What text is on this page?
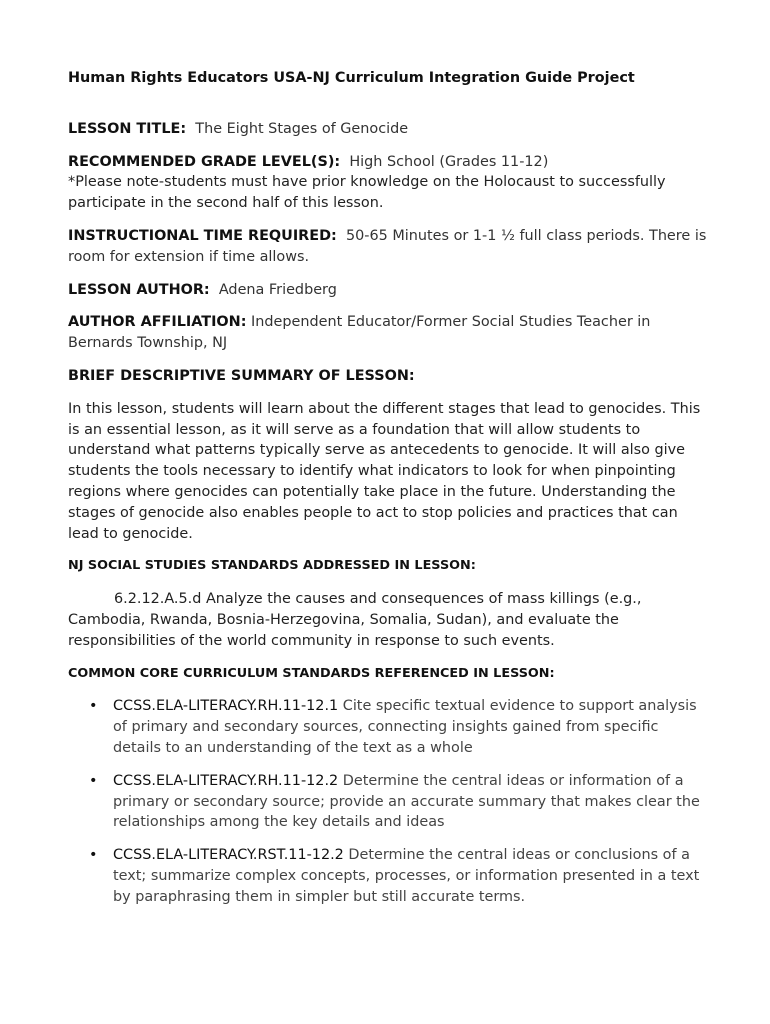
Human Rights Educators USA-NJ Curriculum Integration Guide Project
LESSON TITLE: The Eight Stages of Genocide
RECOMMENDED GRADE LEVEL(S): High School (Grades 11-12)
*Please note-students must have prior knowledge on the Holocaust to successfully participate in the second half of this lesson.
INSTRUCTIONAL TIME REQUIRED: 50-65 Minutes or 1-1 ½ full class periods. There is room for extension if time allows.
LESSON AUTHOR: Adena Friedberg
AUTHOR AFFILIATION: Independent Educator/Former Social Studies Teacher in Bernards Township, NJ
BRIEF DESCRIPTIVE SUMMARY OF LESSON:
In this lesson, students will learn about the different stages that lead to genocides. This is an essential lesson, as it will serve as a foundation that will allow students to understand what patterns typically serve as antecedents to genocide. It will also give students the tools necessary to identify what indicators to look for when pinpointing regions where genocides can potentially take place in the future. Understanding the stages of genocide also enables people to act to stop policies and practices that can lead to genocide.
NJ SOCIAL STUDIES STANDARDS ADDRESSED IN LESSON:
6.2.12.A.5.d Analyze the causes and consequences of mass killings (e.g., Cambodia, Rwanda, Bosnia-Herzegovina, Somalia, Sudan), and evaluate the responsibilities of the world community in response to such events.
COMMON CORE CURRICULUM STANDARDS REFERENCED IN LESSON:
• CCSS.ELA-LITERACY.RH.11-12.1 Cite specific textual evidence to support analysis of primary and secondary sources, connecting insights gained from specific details to an understanding of the text as a whole
• CCSS.ELA-LITERACY.RH.11-12.2 Determine the central ideas or information of a primary or secondary source; provide an accurate summary that makes clear the relationships among the key details and ideas
• CCSS.ELA-LITERACY.RST.11-12.2 Determine the central ideas or conclusions of a text; summarize complex concepts, processes, or information presented in a text by paraphrasing them in simpler but still accurate terms.
